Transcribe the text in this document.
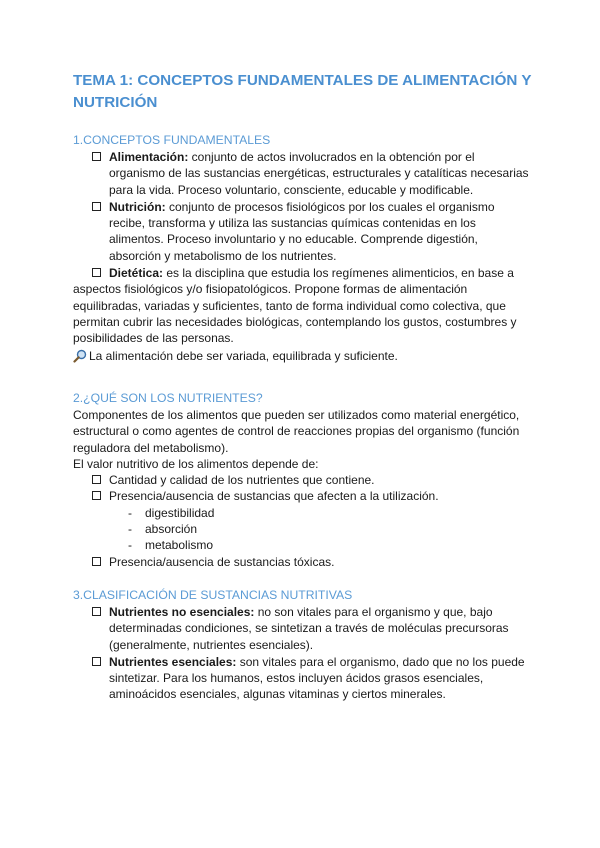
TEMA 1: CONCEPTOS FUNDAMENTALES DE ALIMENTACIÓN Y NUTRICIÓN

1.CONCEPTOS FUNDAMENTALES

Alimentación: conjunto de actos involucrados en la obtención por el organismo de las sustancias energéticas, estructurales y catalíticas necesarias para la vida. Proceso voluntario, consciente, educable y modificable.
Nutrición: conjunto de procesos fisiológicos por los cuales el organismo recibe, transforma y utiliza las sustancias químicas contenidas en los alimentos. Proceso involuntario y no educable. Comprende digestión, absorción y metabolismo de los nutrientes.
Dietética: es la disciplina que estudia los regímenes alimenticios, en base a aspectos fisiológicos y/o fisiopatológicos. Propone formas de alimentación equilibradas, variadas y suficientes, tanto de forma individual como colectiva, que permitan cubrir las necesidades biológicas, contemplando los gustos, costumbres y posibilidades de las personas.

La alimentación debe ser variada, equilibrada y suficiente.

2.¿QUÉ SON LOS NUTRIENTES?

Componentes de los alimentos que pueden ser utilizados como material energético, estructural o como agentes de control de reacciones propias del organismo (función reguladora del metabolismo).

El valor nutritivo de los alimentos depende de:

Cantidad y calidad de los nutrientes que contiene.
Presencia/ausencia de sustancias que afecten a la utilización.
- digestibilidad
- absorción
- metabolismo
Presencia/ausencia de sustancias tóxicas.

3.CLASIFICACIÓN DE SUSTANCIAS NUTRITIVAS

Nutrientes no esenciales: no son vitales para el organismo y que, bajo determinadas condiciones, se sintetizan a través de moléculas precursoras (generalmente, nutrientes esenciales).
Nutrientes esenciales: son vitales para el organismo, dado que no los puede sintetizar. Para los humanos, estos incluyen ácidos grasos esenciales, aminoácidos esenciales, algunas vitaminas y ciertos minerales.
